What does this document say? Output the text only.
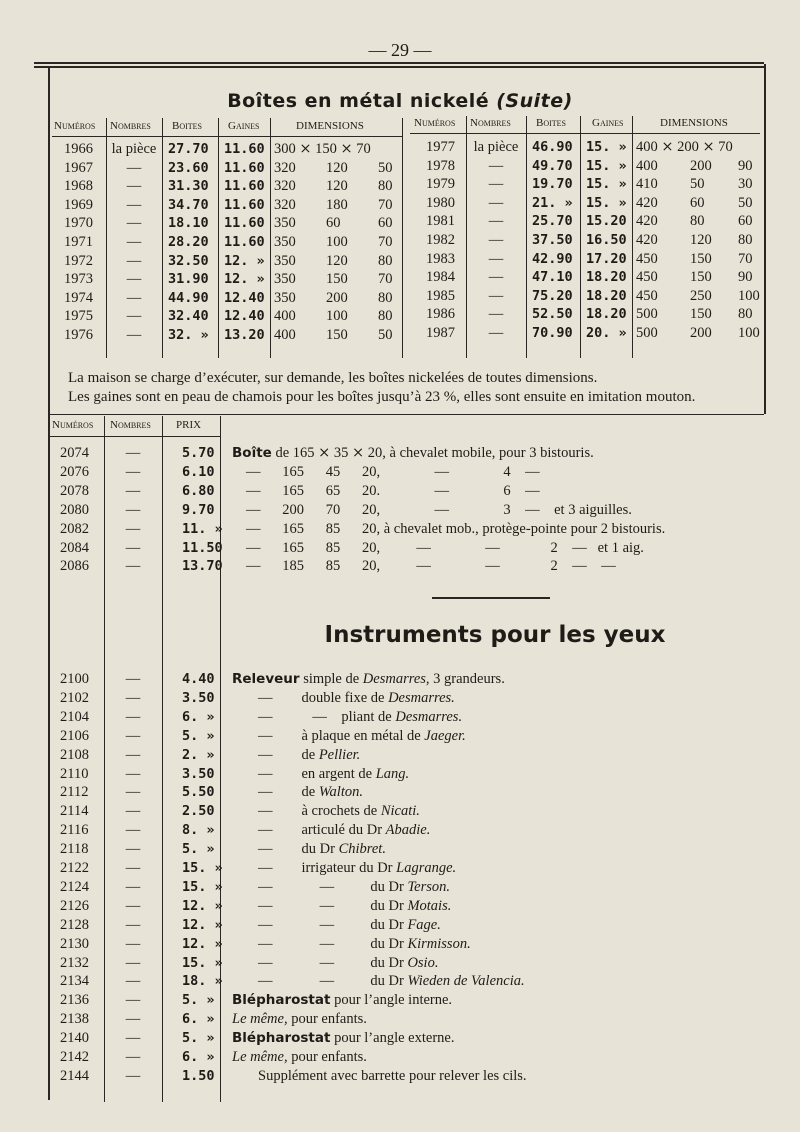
— 29 —
Boîtes en métal nickelé (Suite)
Numéros Nombres Boites Gaines	DIMENSIONS	Numéros Nombres Boites Gaines	DIMENSIONS
1966 la pièce 27.70 11.60 300 ⨯ 150 ⨯ 70
1967	—	23.60 11.60 320 120 50
1968	—	31.30 11.60 320 120 80
1969	—	34.70 11.60 320 180 70
1970	—	18.10 11.60 350 60	60
1971	—	28.20 11.60 350 100 70
1972	—	32.50 12. » 350 120 80
1973	—	31.90 12. » 350 150 70
1974	—	44.90 12.40 350 200 80
1975	—	32.40 12.40 400 100 80
1976	—	32. » 13.20 400 150 50
1977	la pièce	46.90 15. » 400 ⨯ 200 ⨯ 70
1978	—	49.70 15. » 400 200 90
1979	—	19.70 15. » 410 50 30
1980	—	21. » 15. » 420 60 50
1981	—	25.70 15.20 420 80 60
1982	—	37.50 16.50 420 120 80
1983	—	42.90 17.20 450 150 70
1984	—	47.10 18.20 450 150 90
1985	—	75.20 18.20 450 250 100
1986	—	52.50 18.20 500 150 80
1987	—	70.90 20. » 500 200 100
La maison se charge d’exécuter, sur demande, les boîtes nickelées de toutes dimensions.
Les gaines sont en peau de chamois pour les boîtes jusqu’à 23 %, elles sont ensuite en imitation mouton.
Numéros Nombres PRIX
2074	—	5.70 Boîte de 165 ⨯ 35 ⨯ 20, à chevalet mobile, pour 3 bistouris.
2076	—	6.10 —      165      45      20,               —               4    —
2078	—	6.80 —      165      65      20.               —               6    —
2080	—	9.70 —      200      70      20,               —               3    —    et 3 aiguilles.
2082	—	11. » —      165      85      20, à chevalet mob., protège-pointe pour 2 bistouris.
2084	—	11.50 —      165      85      20,          —               —              2    —   et 1 aig.
2086	—	13.70 —      185      85      20,          —               —              2    —    —
Instruments pour les yeux
2100	—	4.40 Releveur simple de Desmarres, 3 grandeurs.
2102	—	3.50	—        double fixe de Desmarres.
2104	—	6. »	—           —    pliant de Desmarres.
2106	—	5. »	—        à plaque en métal de Jaeger.
2108	—	2. »	—        de Pellier.
2110	—	3.50	—        en argent de Lang.
2112	—	5.50	—        de Walton.
2114	—	2.50	—        à crochets de Nicati.
2116	—	8. »	—        articulé du Dr Abadie.
2118	—	5. »	—        du Dr Chibret.
2122	—	15. » —        irrigateur du Dr Lagrange.
2124	—	15. » —             —          du Dr Terson.
2126	—	12. » —             —          du Dr Motais.
2128	—	12. » —             —          du Dr Fage.
2130	—	12. » —             —          du Dr Kirmisson.
2132	—	15. » —             —          du Dr Osio.
2134	—	18. » —             —          du Dr Wieden de Valencia.
2136	—	5. » Blépharostat pour l’angle interne.
2138	—	6. » Le même, pour enfants.
2140	—	5. » Blépharostat pour l’angle externe.
2142	—	6. » Le même, pour enfants.
2144	—	1.50	Supplément avec barrette pour relever les cils.
